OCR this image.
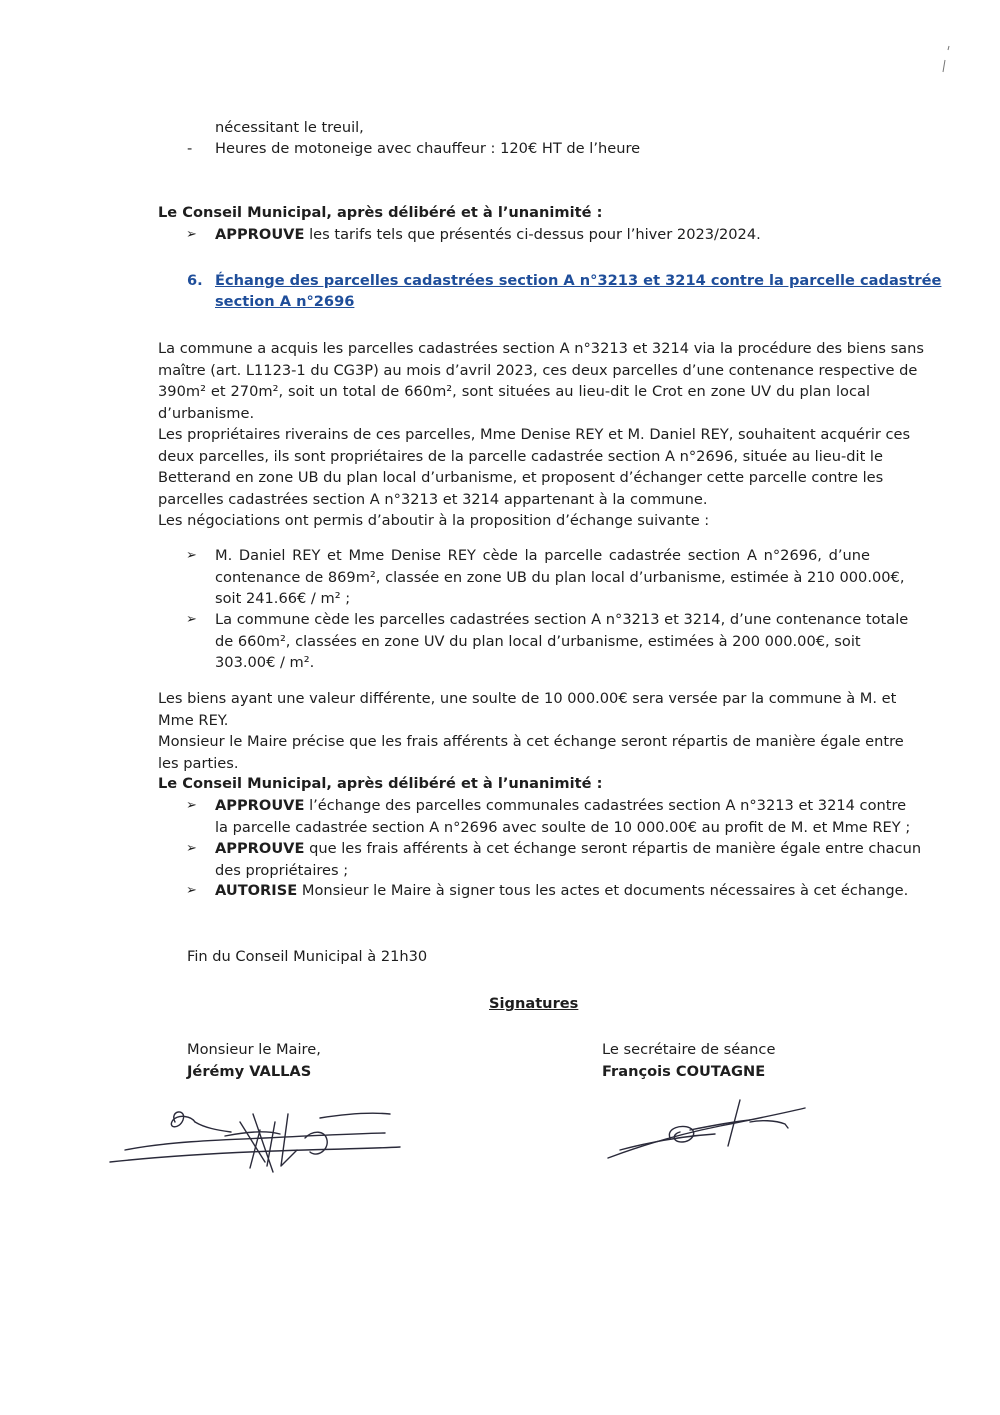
nécessitant le treuil,
- Heures de motoneige avec chauffeur : 120€ HT de l’heure
Le Conseil Municipal, après délibéré et à l’unanimité :
➢ APPROUVE les tarifs tels que présentés ci-dessus pour l’hiver 2023/2024.
6. Échange des parcelles cadastrées section A n°3213 et 3214 contre la parcelle cadastrée
section A n°2696
La commune a acquis les parcelles cadastrées section A n°3213 et 3214 via la procédure des biens sans
maître (art. L1123-1 du CG3P) au mois d’avril 2023, ces deux parcelles d’une contenance respective de
390m² et 270m², soit un total de 660m², sont situées au lieu-dit le Crot en zone UV du plan local
d’urbanisme.
Les propriétaires riverains de ces parcelles, Mme Denise REY et M. Daniel REY, souhaitent acquérir ces
deux parcelles, ils sont propriétaires de la parcelle cadastrée section A n°2696, située au lieu-dit le
Betterand en zone UB du plan local d’urbanisme, et proposent d’échanger cette parcelle contre les
parcelles cadastrées section A n°3213 et 3214 appartenant à la commune.
Les négociations ont permis d’aboutir à la proposition d’échange suivante :
➢ M. Daniel REY et Mme Denise REY cède la parcelle cadastrée section A n°2696, d’une
contenance de 869m², classée en zone UB du plan local d’urbanisme, estimée à 210 000.00€,
soit 241.66€ / m² ;
➢ La commune cède les parcelles cadastrées section A n°3213 et 3214, d’une contenance totale
de 660m², classées en zone UV du plan local d’urbanisme, estimées à 200 000.00€, soit
303.00€ / m².
Les biens ayant une valeur différente, une soulte de 10 000.00€ sera versée par la commune à M. et
Mme REY.
Monsieur le Maire précise que les frais afférents à cet échange seront répartis de manière égale entre
les parties.
Le Conseil Municipal, après délibéré et à l’unanimité :
➢ APPROUVE l’échange des parcelles communales cadastrées section A n°3213 et 3214 contre
la parcelle cadastrée section A n°2696 avec soulte de 10 000.00€ au profit de M. et Mme REY ;
➢ APPROUVE que les frais afférents à cet échange seront répartis de manière égale entre chacun
des propriétaires ;
➢ AUTORISE Monsieur le Maire à signer tous les actes et documents nécessaires à cet échange.
Fin du Conseil Municipal à 21h30
Signatures
Monsieur le Maire,
Jérémy VALLAS
Le secrétaire de séance
François COUTAGNE
